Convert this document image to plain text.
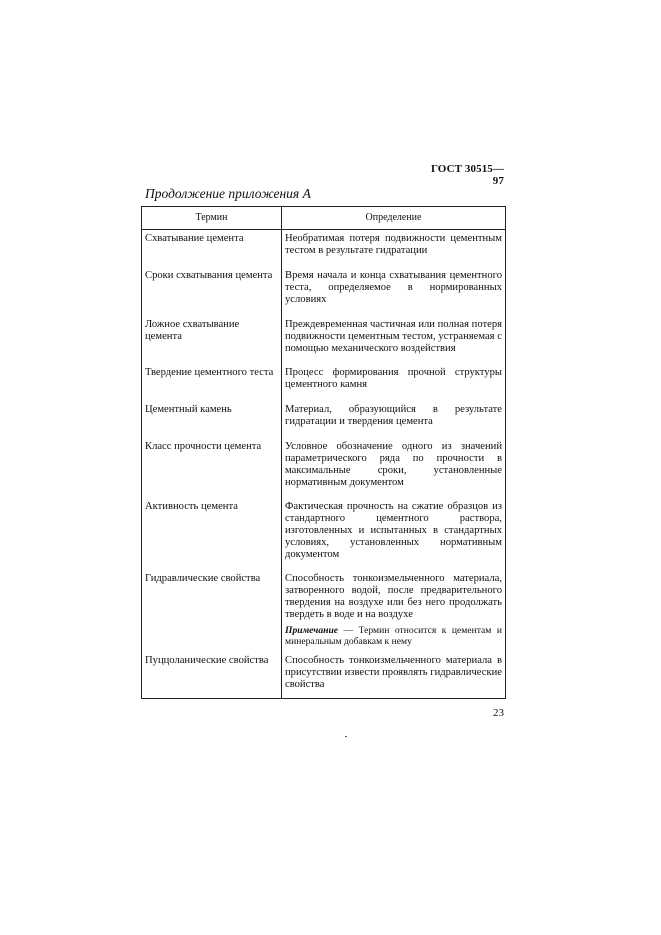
ГОСТ 30515—97
Продолжение приложения А
Термин	Определение
Схватывание цемента	Необратимая потеря подвижности цементным тестом в результате гидратации

Сроки схватывания цемента	Время начала и конца схватывания цементного теста, определяемое в нормированных условиях

Ложное схватывание цемента	Преждевременная частичная или полная потеря подвижности цементным тестом, устраняемая с помощью механического воздействия

Твердение цементного теста	Процесс формирования прочной структуры цементного камня

Цементный камень	Материал, образующийся в результате гидратации и твердения цемента

Класс прочности цемента	Условное обозначение одного из значений параметрического ряда по прочности в максимальные сроки, установленные нормативным документом

Активность цемента	Фактическая прочность на сжатие образцов из стандартного цементного раствора, изготовленных и испытанных в стандартных условиях, установленных нормативным документом

Гидравлические свойства	Способность тонкоизмельченного материала, затворенного водой, после предварительного твердения на воздухе или без него продолжать твердеть в воде и на воздухе
Примечание — Термин относится к цементам и минеральным добавкам к нему

Пуццоланические свойства	Способность тонкоизмельченного материала в присутствии извести проявлять гидравлические свойства
23
